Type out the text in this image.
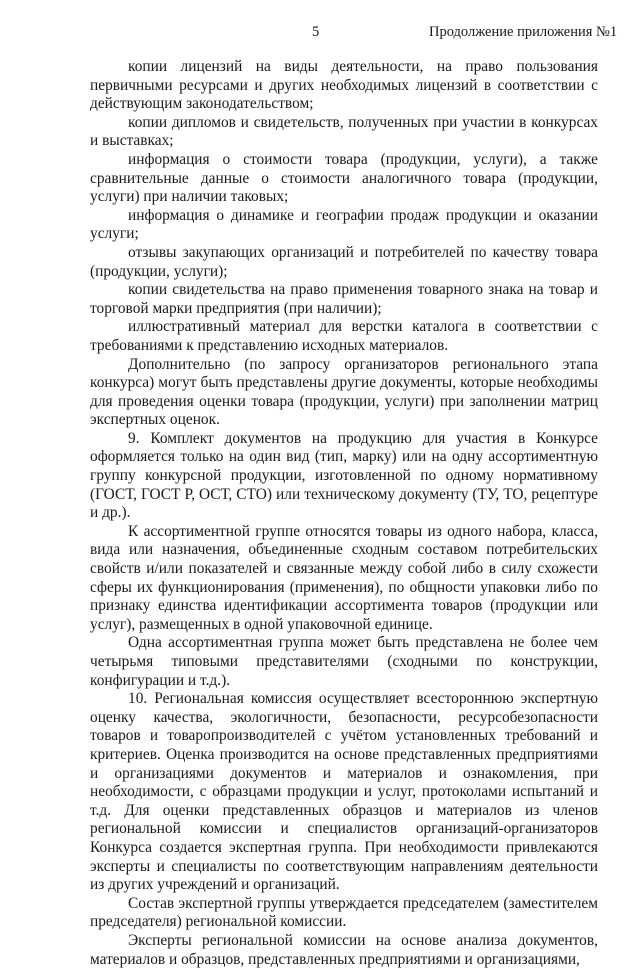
5	Продолжение приложения №1

копии лицензий на виды деятельности, на право пользования первичными ресурсами и других необходимых лицензий в соответствии с действующим законодательством;

копии дипломов и свидетельств, полученных при участии в конкурсах и выставках;

информация о стоимости товара (продукции, услуги), а также сравнительные данные о стоимости аналогичного товара (продукции, услуги) при наличии таковых;

информация о динамике и географии продаж продукции и оказании услуги;

отзывы закупающих организаций и потребителей по качеству товара (продукции, услуги);

копии свидетельства на право применения товарного знака на товар и торговой марки предприятия (при наличии);

иллюстративный материал для верстки каталога в соответствии с требованиями к представлению исходных материалов.

Дополнительно (по запросу организаторов регионального этапа конкурса) могут быть представлены другие документы, которые необходимы для проведения оценки товара (продукции, услуги) при заполнении матриц экспертных оценок.

9. Комплект документов на продукцию для участия в Конкурсе оформляется только на один вид (тип, марку) или на одну ассортиментную группу конкурсной продукции, изготовленной по одному нормативному (ГОСТ, ГОСТ Р, ОСТ, СТО) или техническому документу (ТУ, ТО, рецептуре и др.).

К ассортиментной группе относятся товары из одного набора, класса, вида или назначения, объединенные сходным составом потребительских свойств и/или показателей и связанные между собой либо в силу схожести сферы их функционирования (применения), по общности упаковки либо по признаку единства идентификации ассортимента товаров (продукции или услуг), размещенных в одной упаковочной единице.

Одна ассортиментная группа может быть представлена не более чем четырьмя типовыми представителями (сходными по конструкции, конфигурации и т.д.).

10. Региональная комиссия осуществляет всестороннюю экспертную оценку качества, экологичности, безопасности, ресурсобезопасности товаров и товаропроизводителей с учётом установленных требований и критериев. Оценка производится на основе представленных предприятиями и организациями документов и материалов и ознакомления, при необходимости, с образцами продукции и услуг, протоколами испытаний и т.д. Для оценки представленных образцов и материалов из членов региональной комиссии и специалистов организаций-организаторов Конкурса создается экспертная группа. При необходимости привлекаются эксперты и специалисты по соответствующим направлениям деятельности из других учреждений и организаций.

Состав экспертной группы утверждается председателем (заместителем председателя) региональной комиссии.

Эксперты региональной комиссии на основе анализа документов, материалов и образцов, представленных предприятиями и организациями,
